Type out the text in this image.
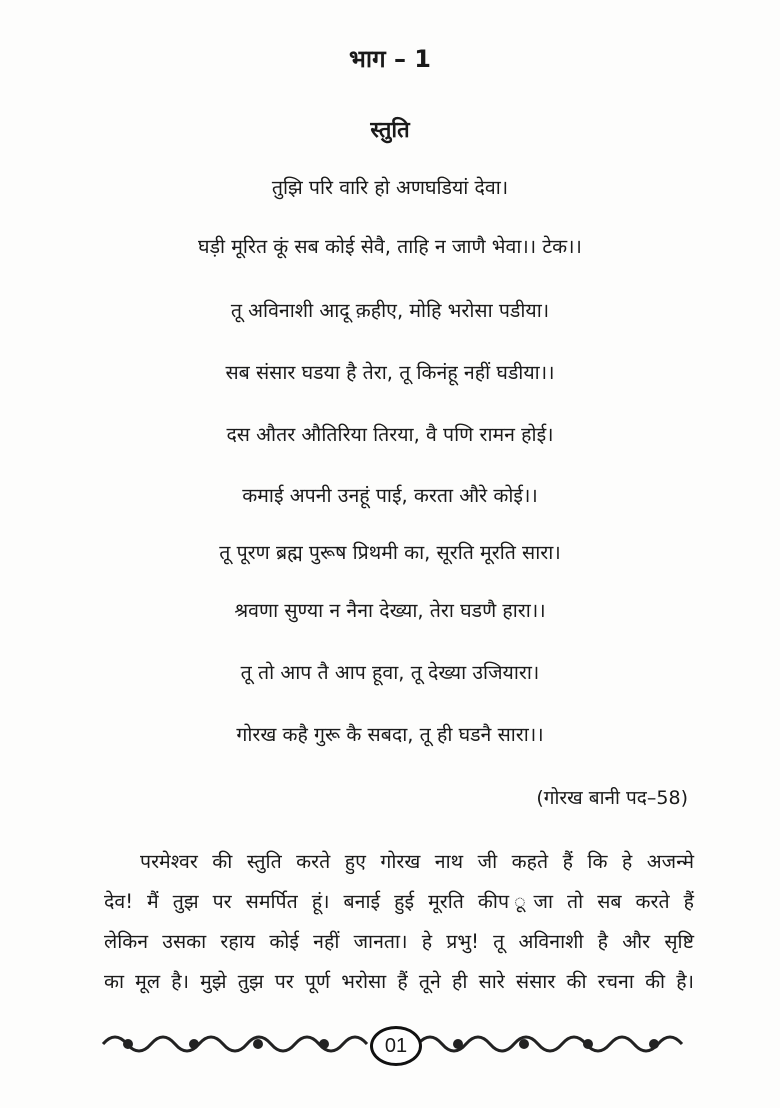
भाग – 1
स्तुति
तुझि परि वारि हो अणघडियां देवा।
घड़ी मूरित कूं सब कोई सेवै, ताहि न जाणै भेवा।। टेक।।
तू अविनाशी आदू क़हीए, मोहि भरोसा पडीया।
सब संसार घडया है तेरा, तू किनंहू नहीं घडीया।।
दस औतर औतिरिया तिरया, वै पणि रामन होई।
कमाई अपनी उनहूं पाई, करता औरे कोई।।
तू पूरण ब्रह्म पुरूष प्रिथमी का, सूरति मूरति सारा।
श्रवणा सुण्या न नैना देख्या, तेरा घडणै हारा।।
तू तो आप तै आप हूवा, तू देख्या उजियारा।
गोरख कहै गुरू कै सबदा, तू ही घडनै सारा।।
(गोरख बानी पद–58)
परमेश्वर की स्तुति करते हुए गोरख नाथ जी कहते हैं कि हे अजन्मे
देव! मैं तुझ पर समर्पित हूं। बनाई हुई मूरति कीप ूजा तो सब करते हैं
लेकिन उसका रहाय कोई नहीं जानता। हे प्रभु! तू अविनाशी है और सृष्टि
का मूल है। मुझे तुझ पर पूर्ण भरोसा हैं तूने ही सारे संसार की रचना की है।
01
